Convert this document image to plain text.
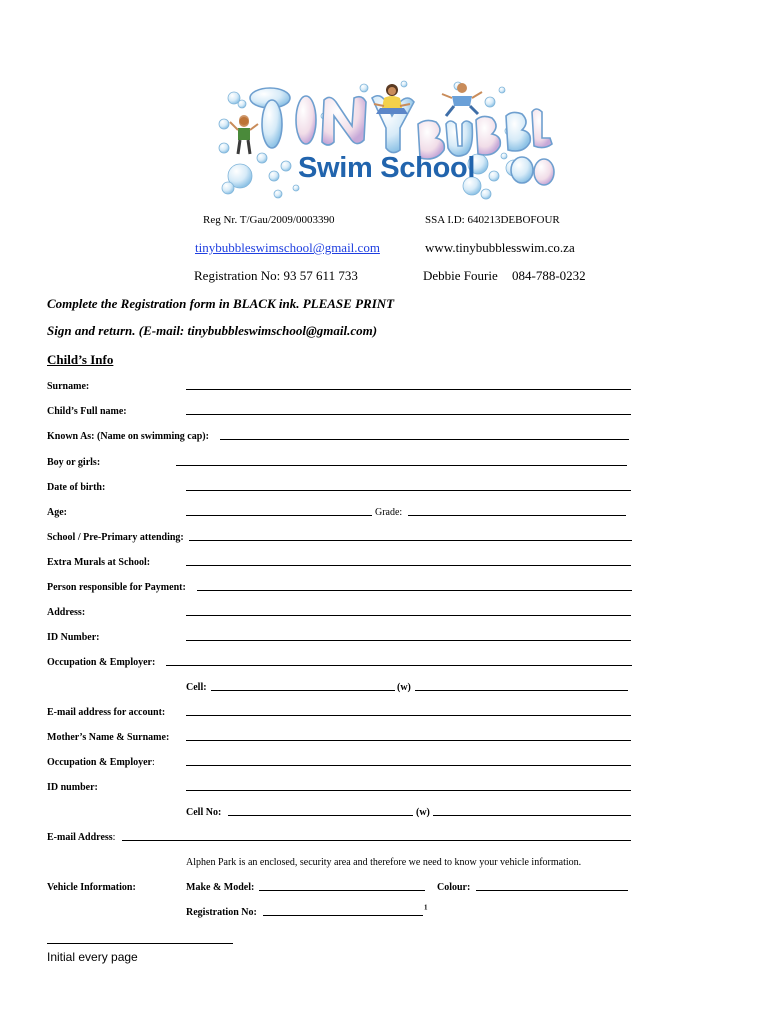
Swim School
Reg Nr. T/Gau/2009/0003390	SSA I.D: 640213DEBOFOUR
tinybubbleswimschool@gmail.com	www.tinybubblesswim.co.za
Registration No: 93 57 611 733	Debbie Fourie 084-788-0232
Complete the Registration form in BLACK ink. PLEASE PRINT
Sign and return. (E-mail: tinybubbleswimschool@gmail.com)
Child’s Info
Surname:
Child’s Full name:
Known As: (Name on swimming cap):
Boy or girls:
Date of birth:
Age:	Grade:
School / Pre-Primary attending:
Extra Murals at School:
Person responsible for Payment:
Address:
ID Number:
Occupation & Employer:
Cell:	(w)
E-mail address for account:
Mother’s Name & Surname:
Occupation & Employer:
ID number:
Cell No:	(w)
E-mail Address:
Alphen Park is an enclosed, security area and therefore we need to know your vehicle information.
Vehicle Information:	Make & Model:	Colour:
Registration No:	$^1$
Initial every page
